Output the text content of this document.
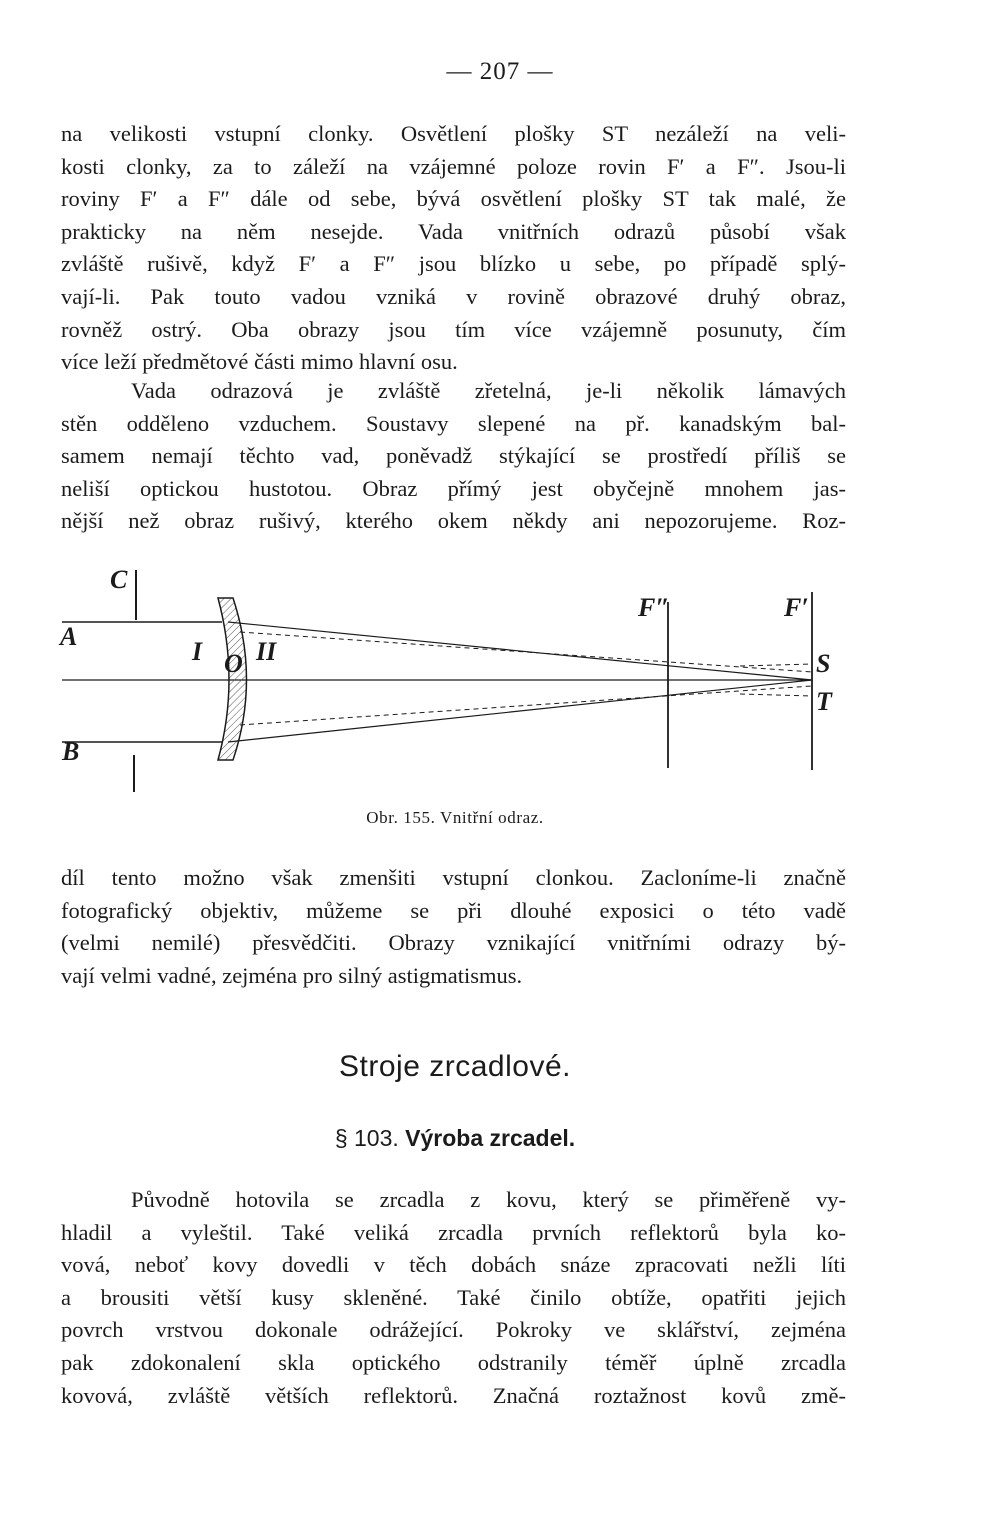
— 207 —
na velikosti vstupní clonky. Osvětlení plošky ST nezáleží na veli-
kosti clonky, za to záleží na vzájemné poloze rovin F′ a F″. Jsou-li
roviny F′ a F″ dále od sebe, bývá osvětlení plošky ST tak malé, že
prakticky na něm nesejde. Vada vnitřních odrazů působí však
zvláště rušivě, když F′ a F″ jsou blízko u sebe, po případě splý-
vají-li. Pak touto vadou vzniká v rovině obrazové druhý obraz,
rovněž ostrý. Oba obrazy jsou tím více vzájemně posunuty, čím
více leží předmětové části mimo hlavní osu.
Vada odrazová je zvláště zřetelná, je-li několik lámavých
stěn odděleno vzduchem. Soustavy slepené na př. kanadským bal-
samem nemají těchto vad, poněvadž stýkající se prostředí příliš se
neliší optickou hustotou. Obraz přímý jest obyčejně mnohem jas-
nější než obraz rušivý, kterého okem někdy ani nepozorujeme. Roz-
C
A
B
I O II
F″	F′
S
T
Obr. 155. Vnitřní odraz.
díl tento možno však zmenšiti vstupní clonkou. Zacloníme-li značně
fotografický objektiv, můžeme se při dlouhé exposici o této vadě
(velmi nemilé) přesvědčiti. Obrazy vznikající vnitřními odrazy bý-
vají velmi vadné, zejména pro silný astigmatismus.
Stroje zrcadlové.
§ 103. Výroba zrcadel.
Původně hotovila se zrcadla z kovu, který se přiměřeně vy-
hladil a vyleštil. Také veliká zrcadla prvních reflektorů byla ko-
vová, neboť kovy dovedli v těch dobách snáze zpracovati nežli líti
a brousiti větší kusy skleněné. Také činilo obtíže, opatřiti jejich
povrch vrstvou dokonale odrážející. Pokroky ve sklářství, zejména
pak zdokonalení skla optického odstranily téměř úplně zrcadla
kovová, zvláště větších reflektorů. Značná roztažnost kovů změ-
